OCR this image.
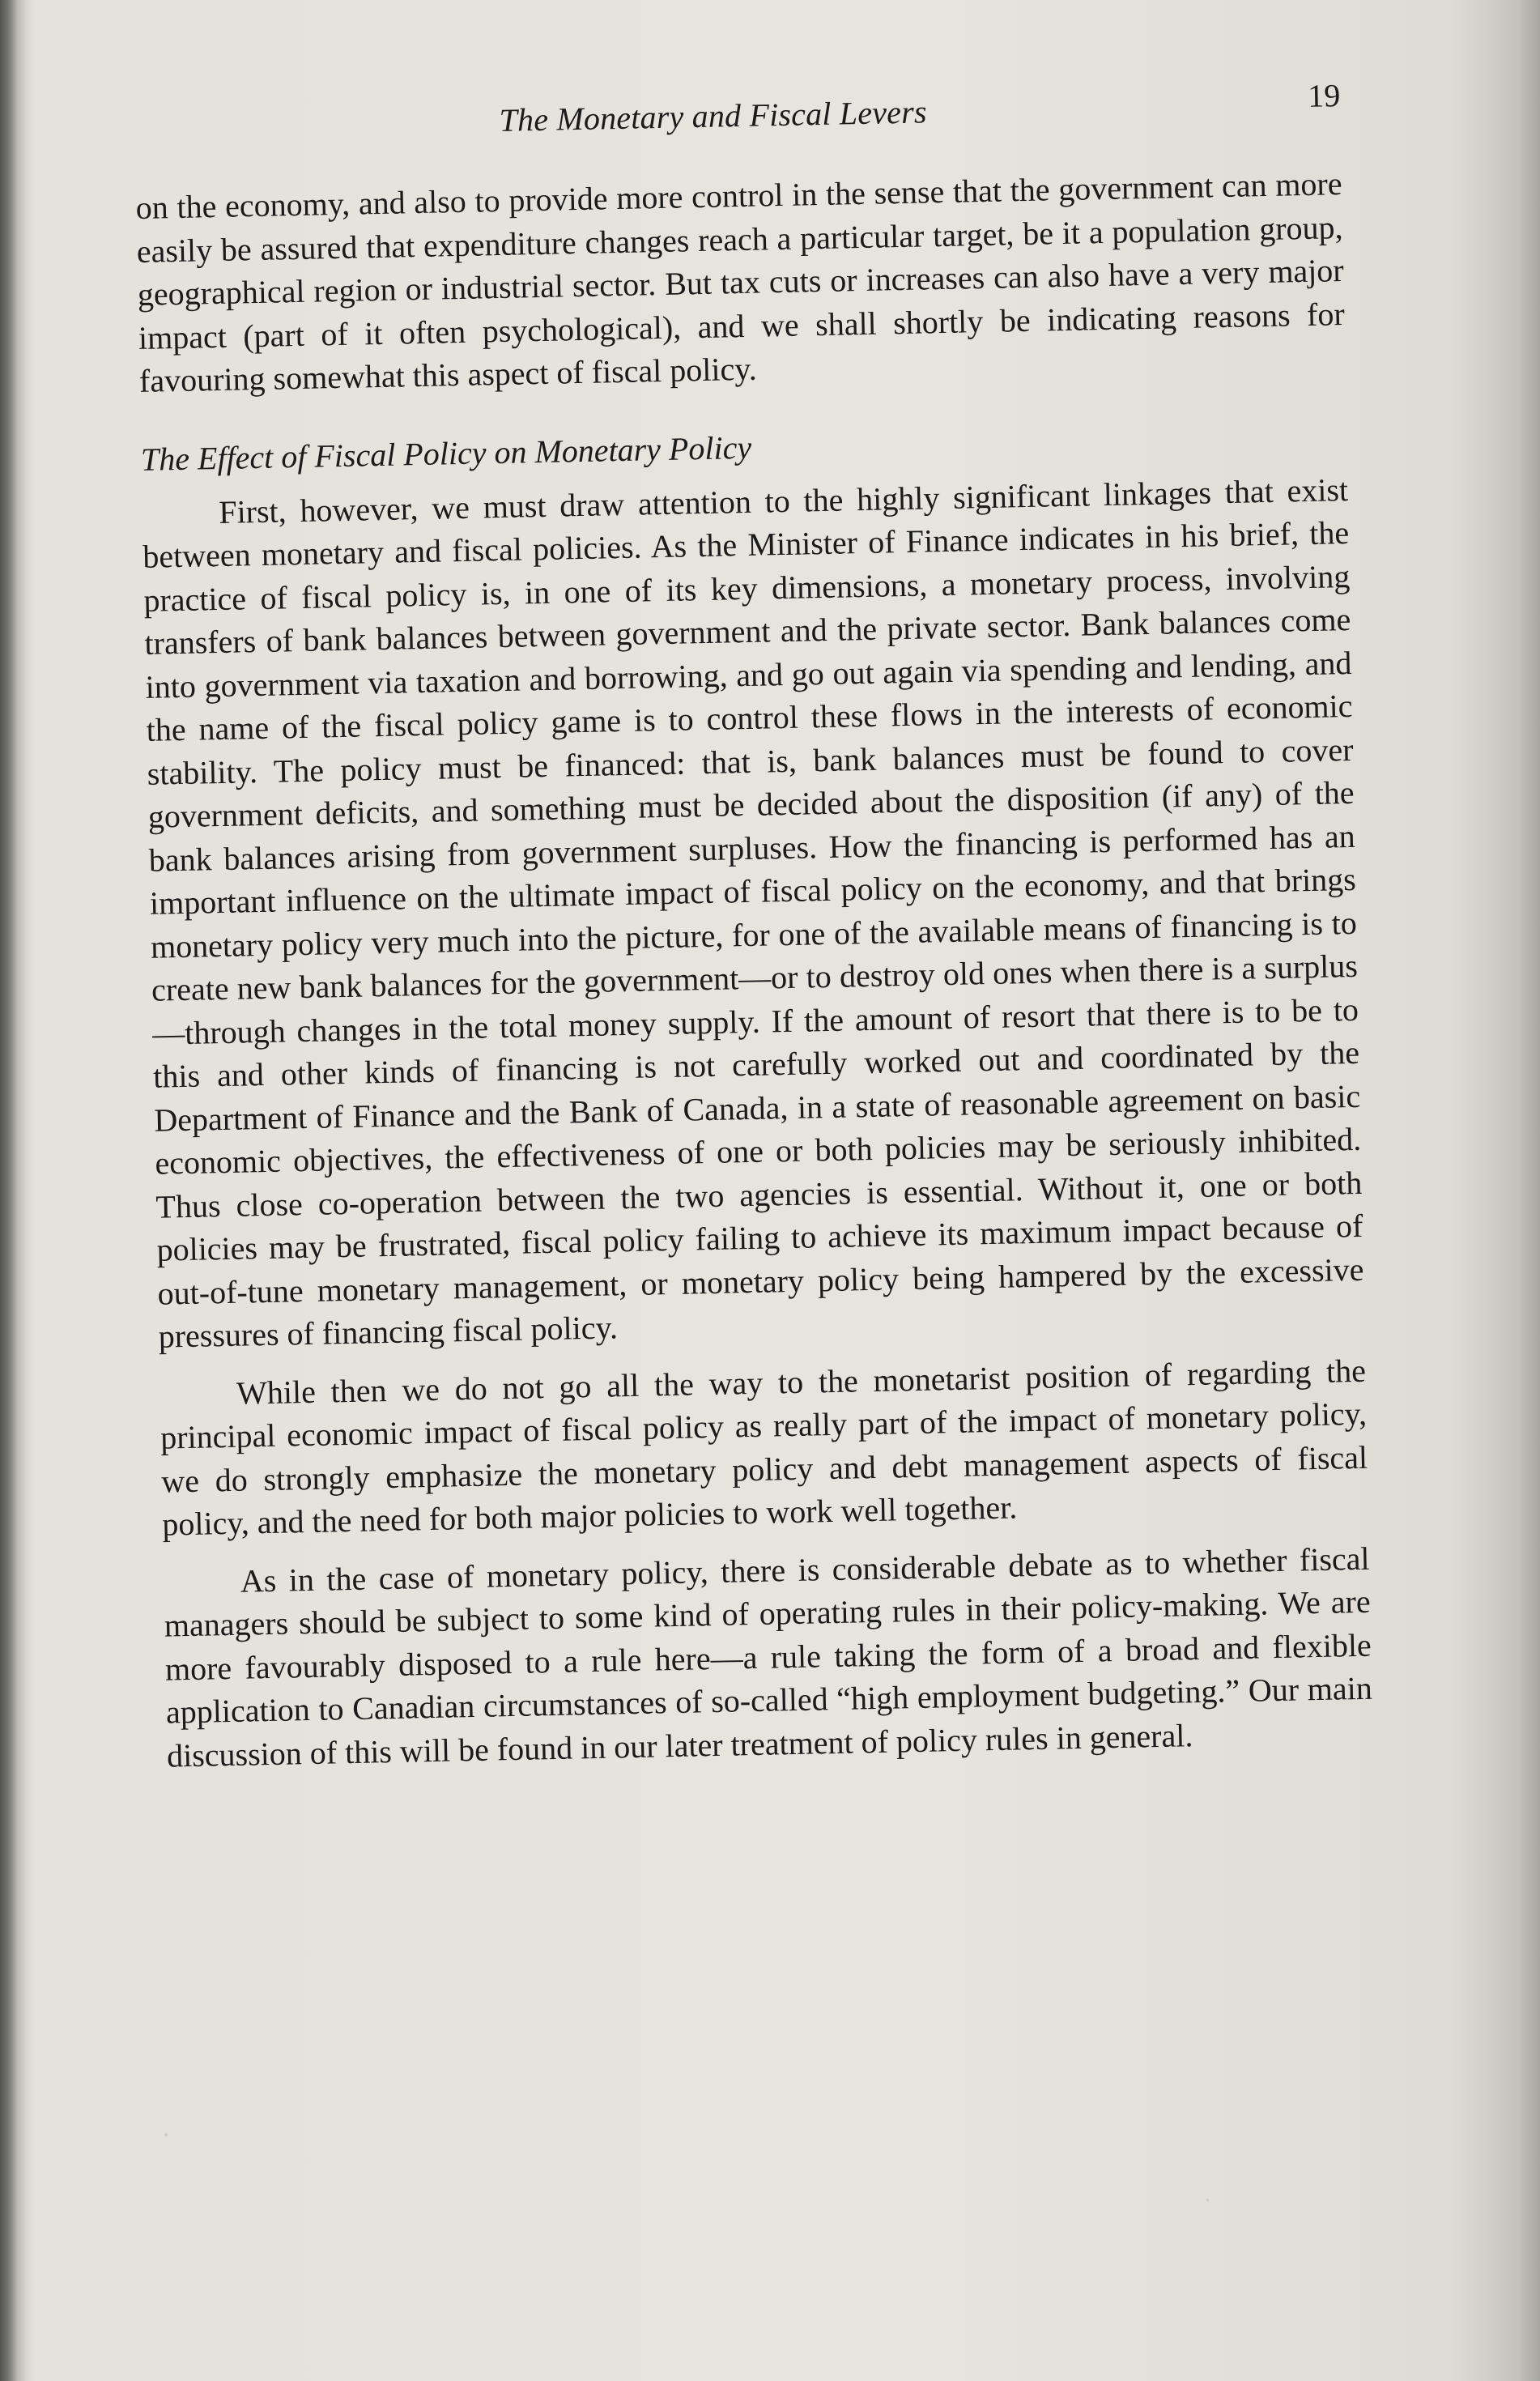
The Monetary and Fiscal Levers	19

on the economy, and also to provide more control in the sense that the government can more easily be assured that expenditure changes reach a particular target, be it a population group, geographical region or industrial sector. But tax cuts or increases can also have a very major impact (part of it often psychological), and we shall shortly be indicating reasons for favouring somewhat this aspect of fiscal policy.

The Effect of Fiscal Policy on Monetary Policy

First, however, we must draw attention to the highly significant linkages that exist between monetary and fiscal policies. As the Minister of Finance indicates in his brief, the practice of fiscal policy is, in one of its key dimensions, a monetary process, involving transfers of bank balances between government and the private sector. Bank balances come into government via taxation and borrowing, and go out again via spending and lending, and the name of the fiscal policy game is to control these flows in the interests of economic stability. The policy must be financed: that is, bank balances must be found to cover government deficits, and something must be decided about the disposition (if any) of the bank balances arising from government surpluses. How the financing is performed has an important influence on the ultimate impact of fiscal policy on the economy, and that brings monetary policy very much into the picture, for one of the available means of financing is to create new bank balances for the government—or to destroy old ones when there is a surplus—through changes in the total money supply. If the amount of resort that there is to be to this and other kinds of financing is not carefully worked out and coordinated by the Department of Finance and the Bank of Canada, in a state of reasonable agreement on basic economic objectives, the effectiveness of one or both policies may be seriously inhibited. Thus close co-operation between the two agencies is essential. Without it, one or both policies may be frustrated, fiscal policy failing to achieve its maximum impact because of out-of-tune monetary management, or monetary policy being hampered by the excessive pressures of financing fiscal policy.

While then we do not go all the way to the monetarist position of regarding the principal economic impact of fiscal policy as really part of the impact of monetary policy, we do strongly emphasize the monetary policy and debt management aspects of fiscal policy, and the need for both major policies to work well together.

As in the case of monetary policy, there is considerable debate as to whether fiscal managers should be subject to some kind of operating rules in their policy-making. We are more favourably disposed to a rule here—a rule taking the form of a broad and flexible application to Canadian circumstances of so-called “high employment budgeting.” Our main discussion of this will be found in our later treatment of policy rules in general.
